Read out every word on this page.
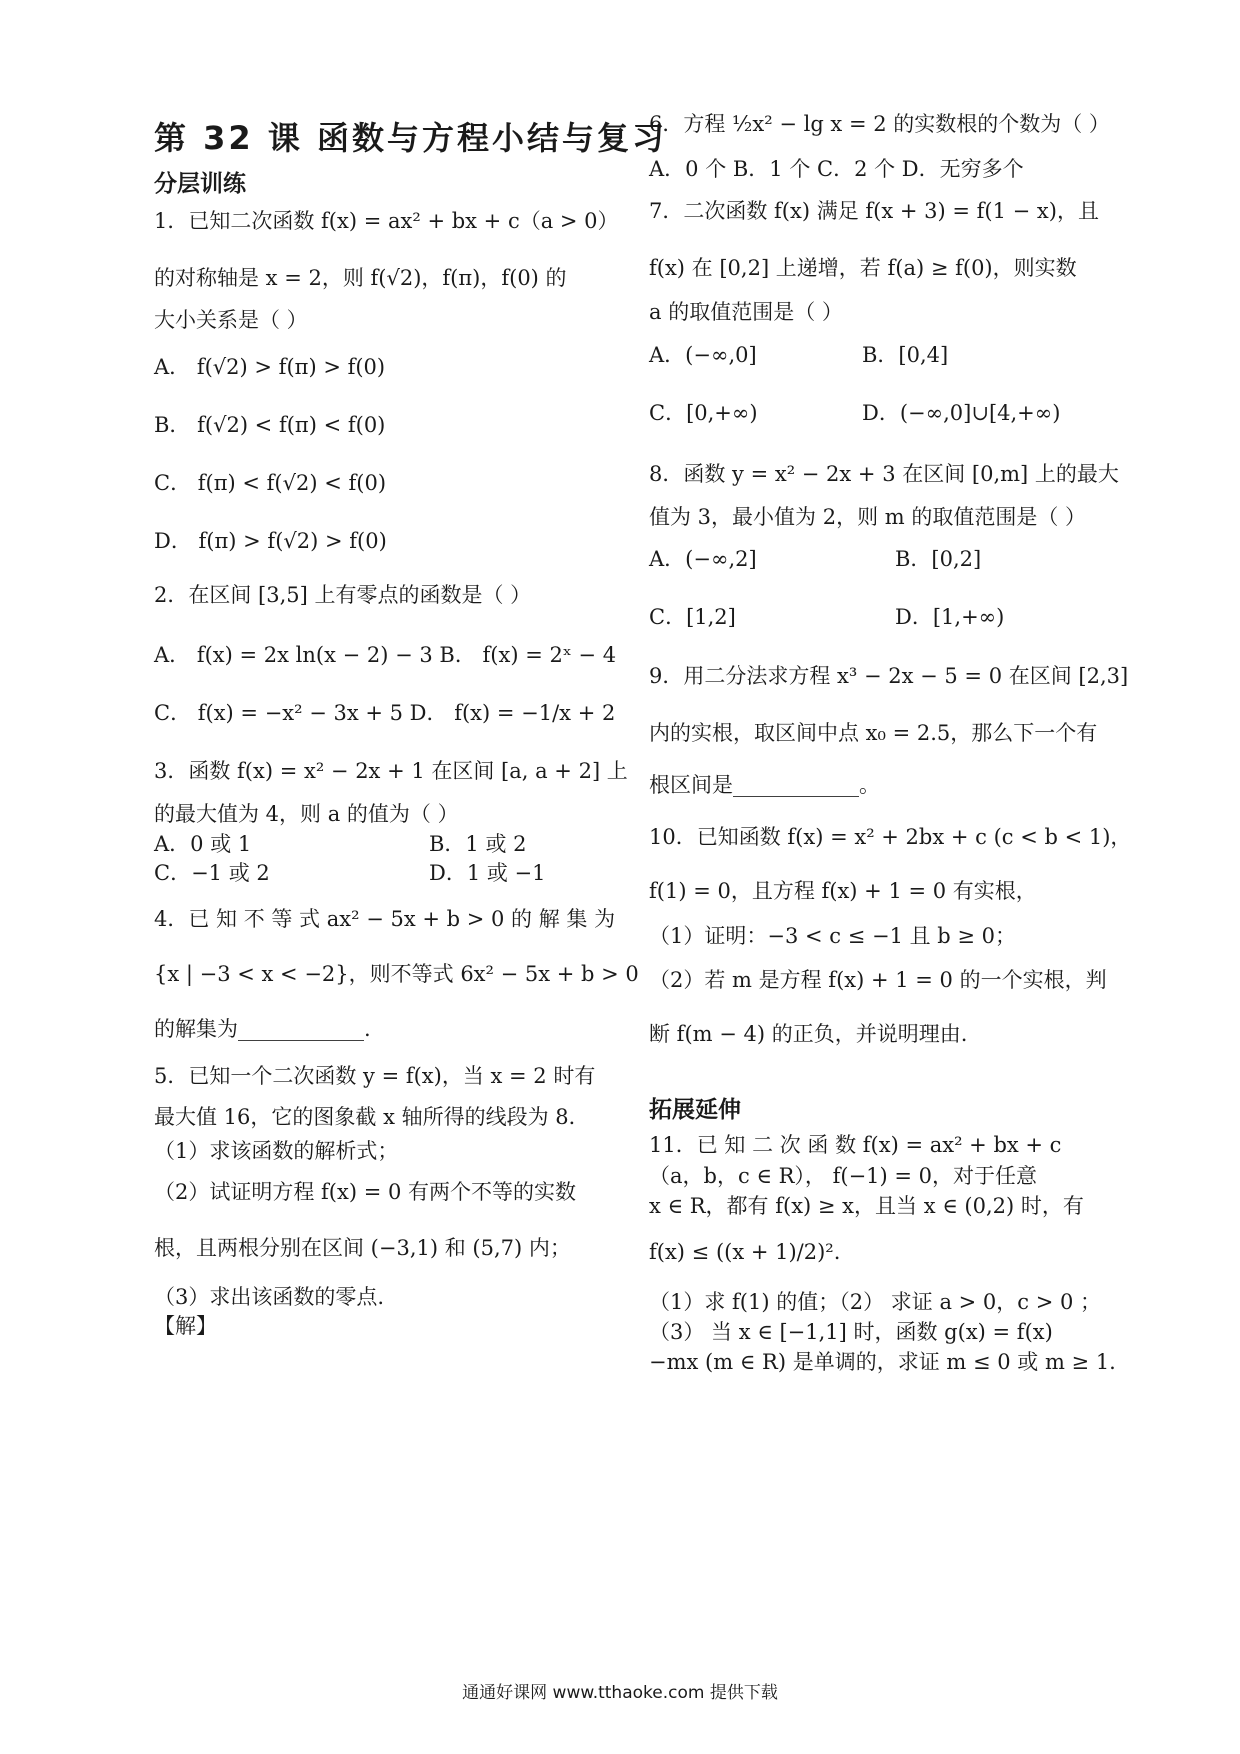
第 32 课 函数与方程小结与复习
分层训练
1．已知二次函数 f(x) = ax² + bx + c（a > 0）
的对称轴是 x = 2，则 f(√2)，f(π)，f(0) 的
大小关系是（ ）
A． f(√2) > f(π) > f(0)
B． f(√2) < f(π) < f(0)
C． f(π) < f(√2) < f(0)
D． f(π) > f(√2) > f(0)
2．在区间 [3,5] 上有零点的函数是（ ）
A． f(x) = 2x ln(x − 2) − 3 B． f(x) = 2ˣ − 4
C． f(x) = −x² − 3x + 5 D． f(x) = −1/x + 2
3．函数 f(x) = x² − 2x + 1 在区间 [a, a + 2] 上
的最大值为 4，则 a 的值为（ ）
A．0 或 1	B．1 或 2
C．−1 或 2	D．1 或 −1
4．已 知 不 等 式 ax² − 5x + b > 0 的 解 集 为
{x | −3 < x < −2}，则不等式 6x² − 5x + b > 0
的解集为____________.
5．已知一个二次函数 y = f(x)，当 x = 2 时有
最大值 16，它的图象截 x 轴所得的线段为 8．
（1）求该函数的解析式；
（2）试证明方程 f(x) = 0 有两个不等的实数
根，且两根分别在区间 (−3,1) 和 (5,7) 内；
（3）求出该函数的零点.
【解】
6．方程 ½x² − lg x = 2 的实数根的个数为（ ）
A．0 个 B．1 个 C．2 个 D．无穷多个
7．二次函数 f(x) 满足 f(x + 3) = f(1 − x)，且
f(x) 在 [0,2] 上递增，若 f(a) ≥ f(0)，则实数
a 的取值范围是（ ）
A．(−∞,0]	B．[0,4]
C．[0,+∞)	D．(−∞,0]∪[4,+∞)
8．函数 y = x² − 2x + 3 在区间 [0,m] 上的最大
值为 3，最小值为 2，则 m 的取值范围是（ ）
A．(−∞,2]	B．[0,2]
C．[1,2]	D．[1,+∞)
9．用二分法求方程 x³ − 2x − 5 = 0 在区间 [2,3]
内的实根，取区间中点 x₀ = 2.5，那么下一个有
根区间是____________。
10．已知函数 f(x) = x² + 2bx + c (c < b < 1)，
f(1) = 0，且方程 f(x) + 1 = 0 有实根，
（1）证明：−3 < c ≤ −1 且 b ≥ 0；
（2）若 m 是方程 f(x) + 1 = 0 的一个实根，判
断 f(m − 4) 的正负，并说明理由.
拓展延伸
11．已 知 二 次 函 数 f(x) = ax² + bx + c
（a，b，c ∈ R）， f(−1) = 0，对于任意
x ∈ R，都有 f(x) ≥ x，且当 x ∈ (0,2) 时，有
f(x) ≤ ((x + 1)/2)².
（1）求 f(1) 的值；（2） 求证 a > 0，c > 0 ；
（3） 当 x ∈ [−1,1] 时，函数 g(x) = f(x)
−mx (m ∈ R) 是单调的，求证 m ≤ 0 或 m ≥ 1.
通通好课网 www.tthaoke.com 提供下载
